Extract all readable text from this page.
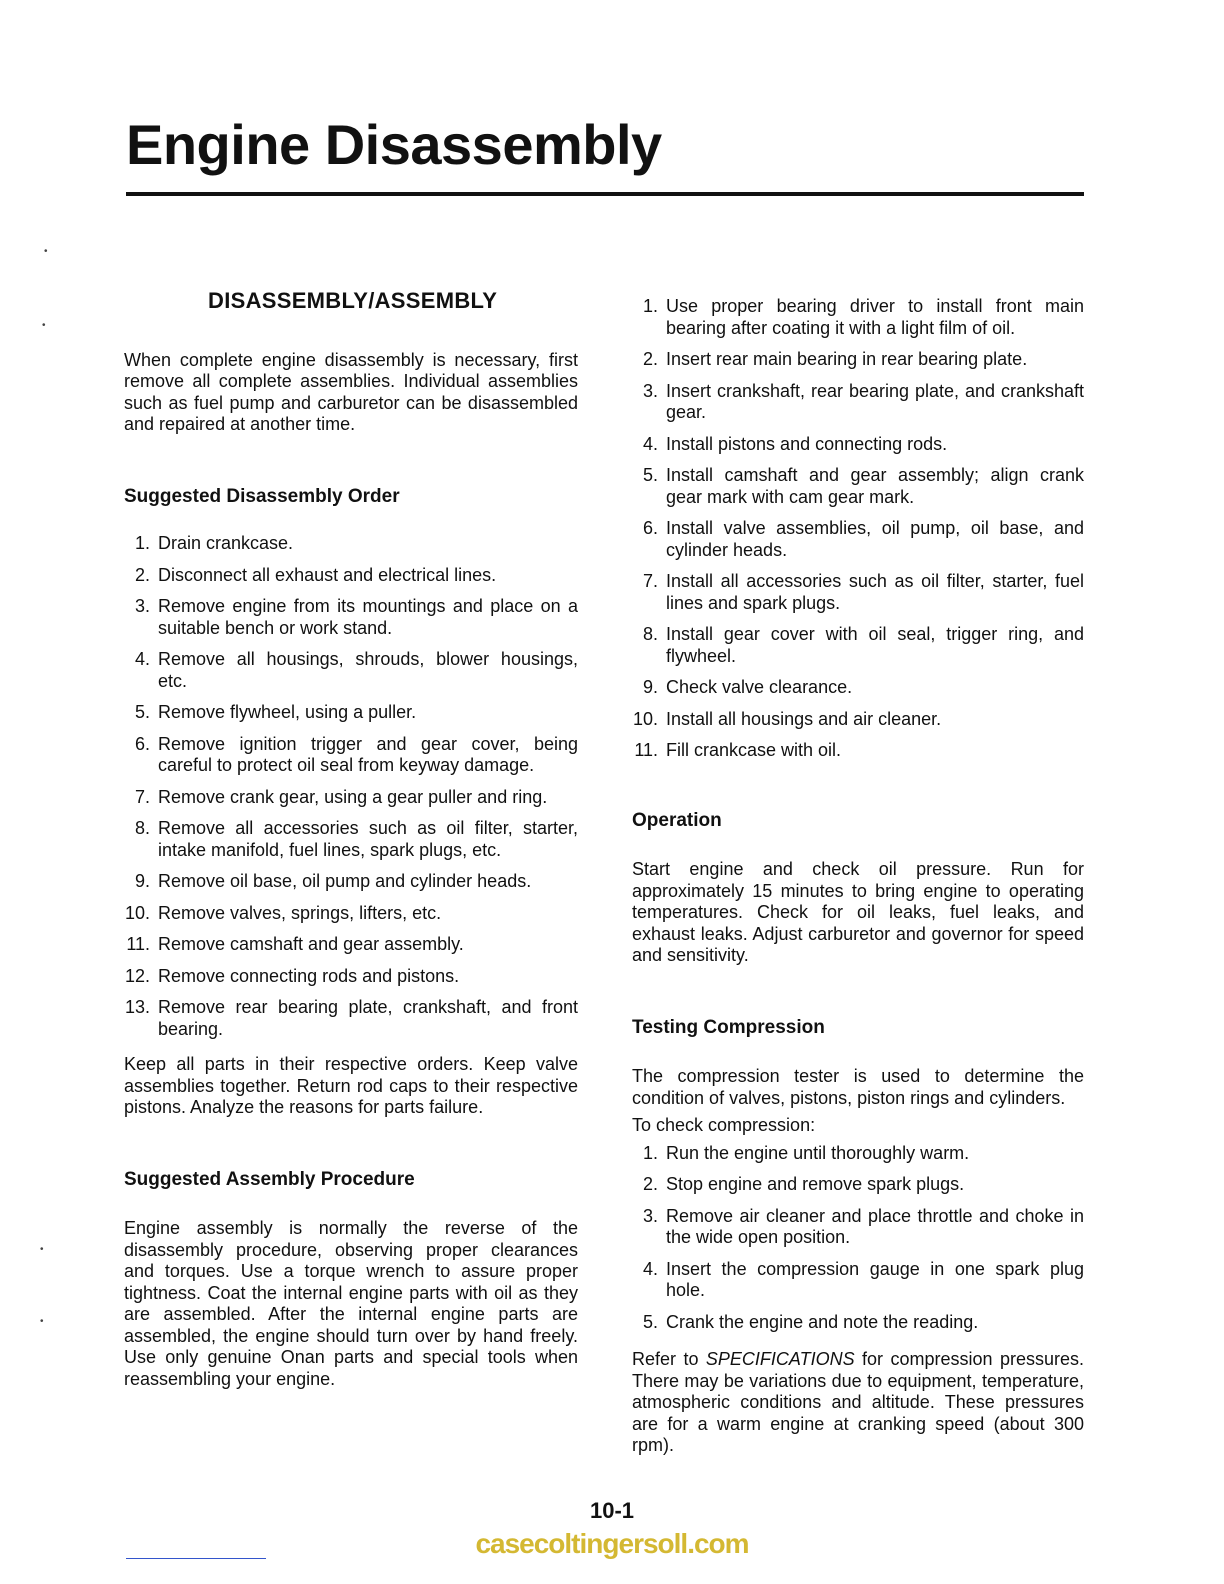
Engine Disassembly
•
•
•
•
DISASSEMBLY/ASSEMBLY

When complete engine disassembly is necessary, first remove all complete assemblies. Individual assemblies such as fuel pump and carburetor can be disassembled and repaired at another time.

Suggested Disassembly Order
1. Drain crankcase.
2. Disconnect all exhaust and electrical lines.
3. Remove engine from its mountings and place on a suitable bench or work stand.
4. Remove all housings, shrouds, blower housings, etc.
5. Remove flywheel, using a puller.
6. Remove ignition trigger and gear cover, being careful to protect oil seal from keyway damage.
7. Remove crank gear, using a gear puller and ring.
8. Remove all accessories such as oil filter, starter, intake manifold, fuel lines, spark plugs, etc.
9. Remove oil base, oil pump and cylinder heads.
10. Remove valves, springs, lifters, etc.
11. Remove camshaft and gear assembly.
12. Remove connecting rods and pistons.
13. Remove rear bearing plate, crankshaft, and front bearing.

Keep all parts in their respective orders. Keep valve assemblies together. Return rod caps to their respective pistons. Analyze the reasons for parts failure.

Suggested Assembly Procedure

Engine assembly is normally the reverse of the disassembly procedure, observing proper clearances and torques. Use a torque wrench to assure proper tightness. Coat the internal engine parts with oil as they are assembled. After the internal engine parts are assembled, the engine should turn over by hand freely. Use only genuine Onan parts and special tools when reassembling your engine.

1. Use proper bearing driver to install front main bearing after coating it with a light film of oil.
2. Insert rear main bearing in rear bearing plate.
3. Insert crankshaft, rear bearing plate, and crankshaft gear.
4. Install pistons and connecting rods.
5. Install camshaft and gear assembly; align crank gear mark with cam gear mark.
6. Install valve assemblies, oil pump, oil base, and cylinder heads.
7. Install all accessories such as oil filter, starter, fuel lines and spark plugs.
8. Install gear cover with oil seal, trigger ring, and flywheel.
9. Check valve clearance.
10. Install all housings and air cleaner.
11. Fill crankcase with oil.
Operation

Start engine and check oil pressure. Run for approximately 15 minutes to bring engine to operating temperatures. Check for oil leaks, fuel leaks, and exhaust leaks. Adjust carburetor and governor for speed and sensitivity.

Testing Compression

The compression tester is used to determine the condition of valves, pistons, piston rings and cylinders.

To check compression:

1. Run the engine until thoroughly warm.
2. Stop engine and remove spark plugs.
3. Remove air cleaner and place throttle and choke in the wide open position.
4. Insert the compression gauge in one spark plug hole.
5. Crank the engine and note the reading.

Refer to SPECIFICATIONS for compression pressures. There may be variations due to equipment, temperature, atmospheric conditions and altitude. These pressures are for a warm engine at cranking speed (about 300 rpm).

10-1
casecoltingersoll.com
